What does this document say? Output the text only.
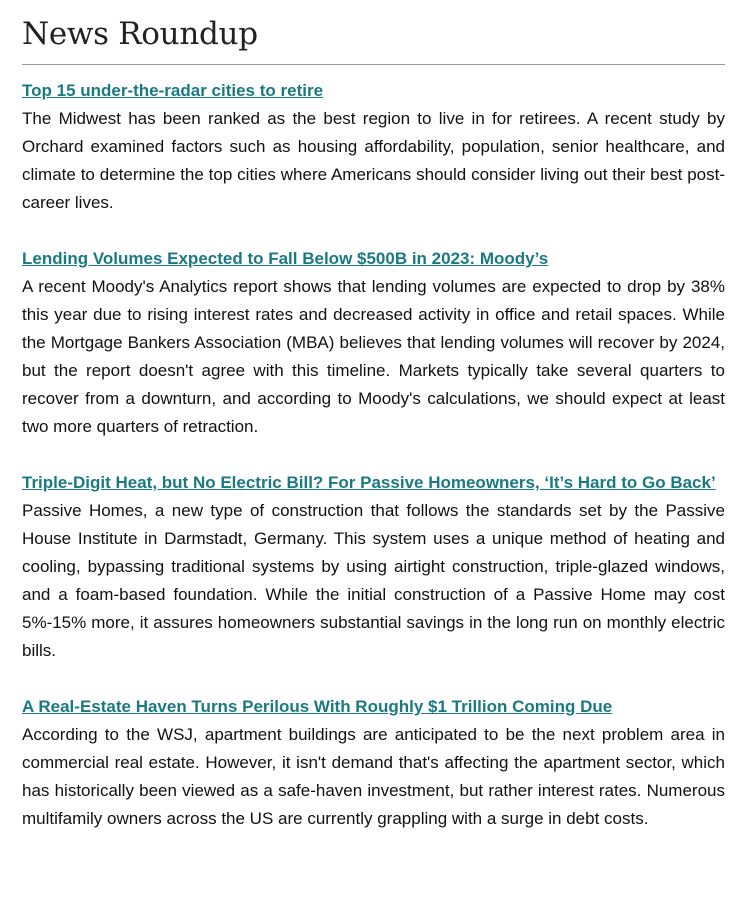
News Roundup
Top 15 under-the-radar cities to retire

The Midwest has been ranked as the best region to live in for retirees. A recent study by Orchard examined factors such as housing affordability, population, senior healthcare, and climate to determine the top cities where Americans should consider living out their best post-career lives.

Lending Volumes Expected to Fall Below $500B in 2023: Moody’s

A recent Moody's Analytics report shows that lending volumes are expected to drop by 38% this year due to rising interest rates and decreased activity in office and retail spaces. While the Mortgage Bankers Association (MBA) believes that lending volumes will recover by 2024, but the report doesn't agree with this timeline. Markets typically take several quarters to recover from a downturn, and according to Moody's calculations, we should expect at least two more quarters of retraction.

Triple-Digit Heat, but No Electric Bill? For Passive Homeowners, ‘It’s Hard to Go Back’

Passive Homes, a new type of construction that follows the standards set by the Passive House Institute in Darmstadt, Germany. This system uses a unique method of heating and cooling, bypassing traditional systems by using airtight construction, triple-glazed windows, and a foam-based foundation. While the initial construction of a Passive Home may cost 5%-15% more, it assures homeowners substantial savings in the long run on monthly electric bills.

A Real-Estate Haven Turns Perilous With Roughly $1 Trillion Coming Due

According to the WSJ, apartment buildings are anticipated to be the next problem area in commercial real estate. However, it isn't demand that's affecting the apartment sector, which has historically been viewed as a safe-haven investment, but rather interest rates. Numerous multifamily owners across the US are currently grappling with a surge in debt costs.
